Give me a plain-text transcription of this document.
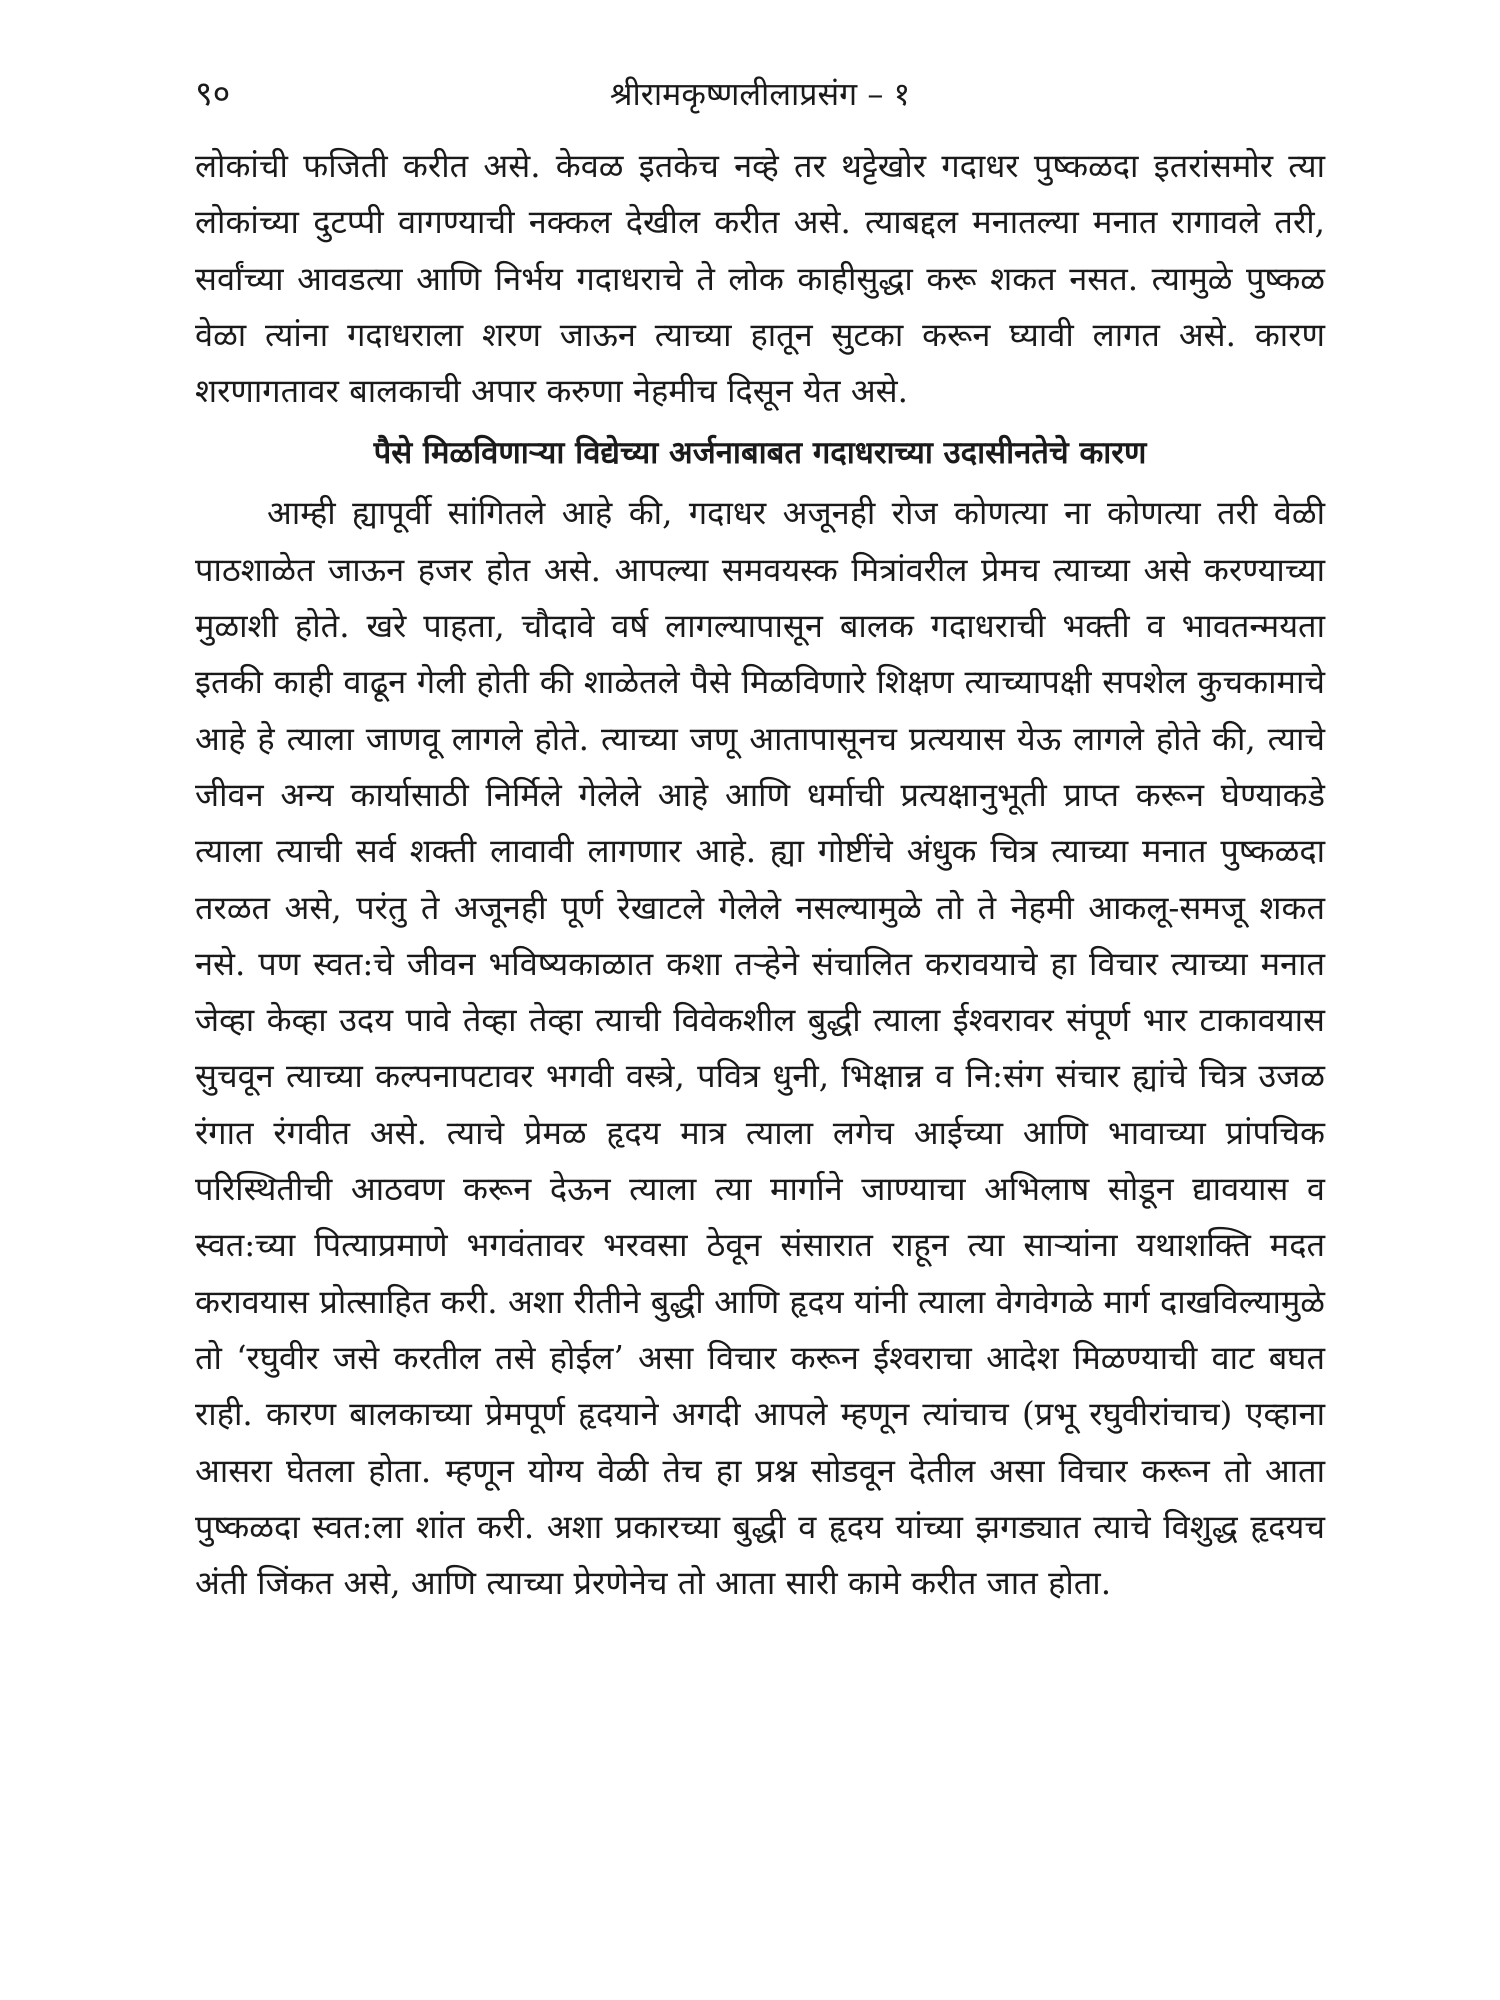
९०	श्रीरामकृष्णलीलाप्रसंग – १

लोकांची फजिती करीत असे. केवळ इतकेच नव्हे तर थट्टेखोर गदाधर पुष्कळदा इतरांसमोर त्या लोकांच्या दुटप्पी वागण्याची नक्कल देखील करीत असे. त्याबद्दल मनातल्या मनात रागावले तरी, सर्वांच्या आवडत्या आणि निर्भय गदाधराचे ते लोक काहीसुद्धा करू शकत नसत. त्यामुळे पुष्कळ वेळा त्यांना गदाधराला शरण जाऊन त्याच्या हातून सुटका करून घ्यावी लागत असे. कारण शरणागतावर बालकाची अपार करुणा नेहमीच दिसून येत असे.

पैसे मिळविणाऱ्या विद्येच्या अर्जनाबाबत गदाधराच्या उदासीनतेचे कारण

आम्ही ह्यापूर्वी सांगितले आहे की, गदाधर अजूनही रोज कोणत्या ना कोणत्या तरी वेळी पाठशाळेत जाऊन हजर होत असे. आपल्या समवयस्क मित्रांवरील प्रेमच त्याच्या असे करण्याच्या मुळाशी होते. खरे पाहता, चौदावे वर्ष लागल्यापासून बालक गदाधराची भक्ती व भावतन्मयता इतकी काही वाढून गेली होती की शाळेतले पैसे मिळविणारे शिक्षण त्याच्यापक्षी सपशेल कुचकामाचे आहे हे त्याला जाणवू लागले होते. त्याच्या जणू आतापासूनच प्रत्ययास येऊ लागले होते की, त्याचे जीवन अन्य कार्यासाठी निर्मिले गेलेले आहे आणि धर्माची प्रत्यक्षानुभूती प्राप्त करून घेण्याकडे त्याला त्याची सर्व शक्ती लावावी लागणार आहे. ह्या गोष्टींचे अंधुक चित्र त्याच्या मनात पुष्कळदा तरळत असे, परंतु ते अजूनही पूर्ण रेखाटले गेलेले नसल्यामुळे तो ते नेहमी आकलू-समजू शकत नसे. पण स्वत:चे जीवन भविष्यकाळात कशा तऱ्हेने संचालित करावयाचे हा विचार त्याच्या मनात जेव्हा केव्हा उदय पावे तेव्हा तेव्हा त्याची विवेकशील बुद्धी त्याला ईश्वरावर संपूर्ण भार टाकावयास सुचवून त्याच्या कल्पनापटावर भगवी वस्त्रे, पवित्र धुनी, भिक्षान्न व नि:संग संचार ह्यांचे चित्र उजळ रंगात रंगवीत असे. त्याचे प्रेमळ हृदय मात्र त्याला लगेच आईच्या आणि भावाच्या प्रांपचिक परिस्थितीची आठवण करून देऊन त्याला त्या मार्गाने जाण्याचा अभिलाष सोडून द्यावयास व स्वत:च्या पित्याप्रमाणे भगवंतावर भरवसा ठेवून संसारात राहून त्या साऱ्यांना यथाशक्ति मदत करावयास प्रोत्साहित करी. अशा रीतीने बुद्धी आणि हृदय यांनी त्याला वेगवेगळे मार्ग दाखविल्यामुळे तो ‘रघुवीर जसे करतील तसे होईल’ असा विचार करून ईश्वराचा आदेश मिळण्याची वाट बघत राही. कारण बालकाच्या प्रेमपूर्ण हृदयाने अगदी आपले म्हणून त्यांचाच (प्रभू रघुवीरांचाच) एव्हाना आसरा घेतला होता. म्हणून योग्य वेळी तेच हा प्रश्न सोडवून देतील असा विचार करून तो आता पुष्कळदा स्वत:ला शांत करी. अशा प्रकारच्या बुद्धी व हृदय यांच्या झगड्यात त्याचे विशुद्ध हृदयच अंती जिंकत असे, आणि त्याच्या प्रेरणेनेच तो आता सारी कामे करीत जात होता.
